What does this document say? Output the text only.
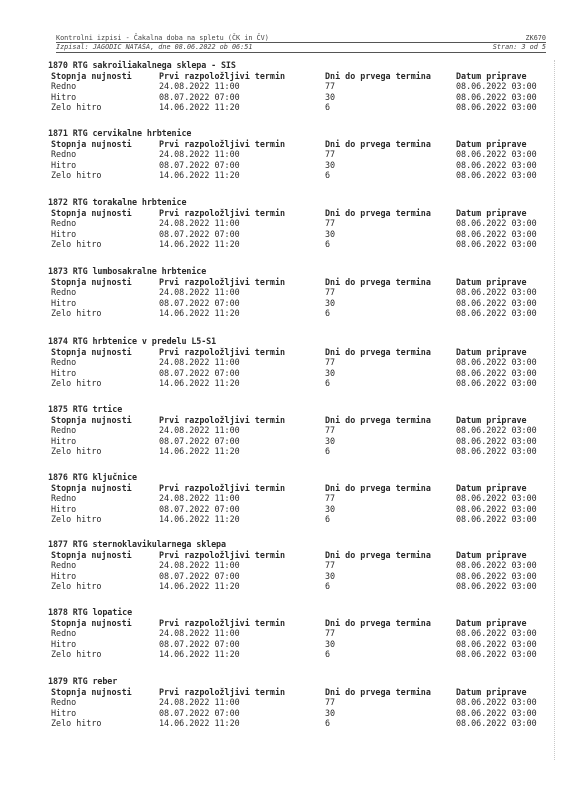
Kontrolni izpisi - Čakalna doba na spletu (ČK in ČV)	ZK670
Izpisal: JAGODIC NATAŠA, dne 08.06.2022 ob 06:51	Stran: 3 od 5
1870 RTG sakroiliakalnega sklepa - SIS
Stopnja nujnosti	Prvi razpoložljivi termin	Dni do prvega termina	Datum priprave
Redno	24.08.2022 11:00	77	08.06.2022 03:00
Hitro	08.07.2022 07:00	30	08.06.2022 03:00
Zelo hitro	14.06.2022 11:20	6	08.06.2022 03:00
1871 RTG cervikalne hrbtenice
Stopnja nujnosti	Prvi razpoložljivi termin	Dni do prvega termina	Datum priprave
Redno	24.08.2022 11:00	77	08.06.2022 03:00
Hitro	08.07.2022 07:00	30	08.06.2022 03:00
Zelo hitro	14.06.2022 11:20	6	08.06.2022 03:00
1872 RTG torakalne hrbtenice
Stopnja nujnosti	Prvi razpoložljivi termin	Dni do prvega termina	Datum priprave
Redno	24.08.2022 11:00	77	08.06.2022 03:00
Hitro	08.07.2022 07:00	30	08.06.2022 03:00
Zelo hitro	14.06.2022 11:20	6	08.06.2022 03:00
1873 RTG lumbosakralne hrbtenice
Stopnja nujnosti	Prvi razpoložljivi termin	Dni do prvega termina	Datum priprave
Redno	24.08.2022 11:00	77	08.06.2022 03:00
Hitro	08.07.2022 07:00	30	08.06.2022 03:00
Zelo hitro	14.06.2022 11:20	6	08.06.2022 03:00
1874 RTG hrbtenice v predelu L5-S1
Stopnja nujnosti	Prvi razpoložljivi termin	Dni do prvega termina	Datum priprave
Redno	24.08.2022 11:00	77	08.06.2022 03:00
Hitro	08.07.2022 07:00	30	08.06.2022 03:00
Zelo hitro	14.06.2022 11:20	6	08.06.2022 03:00
1875 RTG trtice
Stopnja nujnosti	Prvi razpoložljivi termin	Dni do prvega termina	Datum priprave
Redno	24.08.2022 11:00	77	08.06.2022 03:00
Hitro	08.07.2022 07:00	30	08.06.2022 03:00
Zelo hitro	14.06.2022 11:20	6	08.06.2022 03:00
1876 RTG ključnice
Stopnja nujnosti	Prvi razpoložljivi termin	Dni do prvega termina	Datum priprave
Redno	24.08.2022 11:00	77	08.06.2022 03:00
Hitro	08.07.2022 07:00	30	08.06.2022 03:00
Zelo hitro	14.06.2022 11:20	6	08.06.2022 03:00
1877 RTG sternoklavikularnega sklepa
Stopnja nujnosti	Prvi razpoložljivi termin	Dni do prvega termina	Datum priprave
Redno	24.08.2022 11:00	77	08.06.2022 03:00
Hitro	08.07.2022 07:00	30	08.06.2022 03:00
Zelo hitro	14.06.2022 11:20	6	08.06.2022 03:00
1878 RTG lopatice
Stopnja nujnosti	Prvi razpoložljivi termin	Dni do prvega termina	Datum priprave
Redno	24.08.2022 11:00	77	08.06.2022 03:00
Hitro	08.07.2022 07:00	30	08.06.2022 03:00
Zelo hitro	14.06.2022 11:20	6	08.06.2022 03:00
1879 RTG reber
Stopnja nujnosti	Prvi razpoložljivi termin	Dni do prvega termina	Datum priprave
Redno	24.08.2022 11:00	77	08.06.2022 03:00
Hitro	08.07.2022 07:00	30	08.06.2022 03:00
Zelo hitro	14.06.2022 11:20	6	08.06.2022 03:00
